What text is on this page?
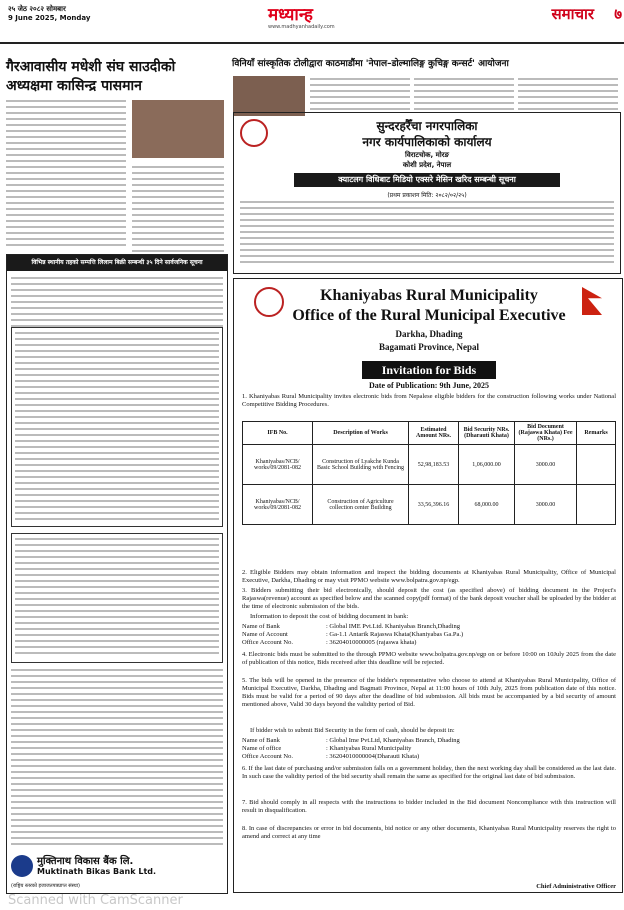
२५ जेठ २०८२ सोमबार
9 June 2025, Monday	मध्यान्ह
www.madhyanhadaily.com
समाचार ७
गैरआवासीय मधेशी संघ साउदीको अध्यक्षमा कासिन्द्र पासमान
विनियाँ सांस्कृतिक टोलीद्वारा काठमाडौंमा 'नेपाल–डोल्मालिङ्ग कुचिङ्ग कन्सर्ट' आयोजना
सुन्दरहरैँचा नगरपालिका
नगर कार्यपालिकाको कार्यालय
विराटचोक, मोरङ
कोशी प्रदेश, नेपाल
क्याटलग विधिबाट मिडियो एक्सरे मेसिन खरिद सम्बन्धी सूचना
(प्रथम प्रकाशन मिति: २०८२/०२/२५)
विभिन्न स्थानीय तहको सम्पत्ति लिलाम बिक्री सम्बन्धी ३५ दिने सार्वजनिक सूचना
मुक्तिनाथ विकास बैंक लि.
Muktinath Bikas Bank Ltd.
(राष्ट्रिय स्तरको इजाजतपत्रप्राप्त संस्था)
Khaniyabas Rural Municipality
Office of the Rural Municipal Executive
Darkha, Dhading
Bagamati Province, Nepal
Invitation for Bids
Date of Publication: 9th June, 2025
1. Khaniyabas Rural Municipality invites electronic bids from Nepalese eligible bidders for the construction following works under National Competitive Bidding Procedures.
IFB No.	Description of Works	Estimated Amount NRs.	Bid Security NRs.(Dharauti Khata)	Bid Document (Rajaswa Khata) Fee (NRs.)	Remarks
Khaniyabas/NCB/ works/09/2081-082	Construction of Lyakche Kunda Basic School Building with Fencing	52,98,183.53	1,06,000.00	3000.00	
Khaniyabas/NCB/ works/09/2081-082	Construction of Agriculture collection center Building	33,56,396.16	68,000.00	3000.00	
2. Eligible Bidders may obtain information and inspect the bidding documents at Khaniyabas Rural Municipality, Office of Municipal Executive, Darkha, Dhading or may visit PPMO website www.bolpatra.gov.np/egp.
3. Bidders submitting their bid electronically, should deposit the cost (as specified above) of bidding document in the Project's Rajaswa(revenue) account as specified below and the scanned copy(pdf format) of the bank deposit voucher shall be uploaded by the bidder at the time of electronic submission of the bids.
Information to deposit the cost of bidding document in bank:
Name of Bank	: Global IME Pvt.Ltd. Khaniyabas Branch,Dhading
Name of Account	: Ga-1.1 Antarik Rajaswa Khata(Khaniyabas Ga.Pa.)
Office Account No.	: 36204010000005 (rajaswa khata)
4. Electronic bids must be submitted to the through PPMO website www.bolpatra.gov.np/egp on or before 10:00 on 10July 2025 from the date of publication of this notice, Bids received after this deadline will be rejected.
5. The bids will be opened in the presence of the bidder's representative who choose to attend at Khaniyabas Rural Municipality, Office of Municipal Executive, Darkha, Dhading and Bagmati Province, Nepal at 11:00 hours of 10th July, 2025 from publication date of this notice. Bids must be valid for a period of 90 days after the deadline of bid submission. All bids must be accompanied by a bid security of amount mentioned above, Valid 30 days beyond the validity period of Bid.
If bidder wish to submit Bid Security in the form of cash, should be deposit in:
Name of Bank	: Global Ime Pvt.Ltd, Khaniyabas Branch, Dhading
Name of office	: Khaniyabas Rural Municipality
Office Account No.	: 36204010000004(Dharauti Khata)
6. If the last date of purchasing and/or submission falls on a government holiday, then the next working day shall be considered as the last date. In such case the validity period of the bid security shall remain the same as specified for the original last date of bid submission.
7. Bid should comply in all respects with the instructions to bidder included in the Bid document Noncompliance with this instruction will result in disqualification.
8. In case of discrepancies or error in bid documents, bid notice or any other documents, Khaniyabas Rural Municipality reserves the right to amend and correct at any time
Chief Administrative Officer
Scanned with CamScanner
